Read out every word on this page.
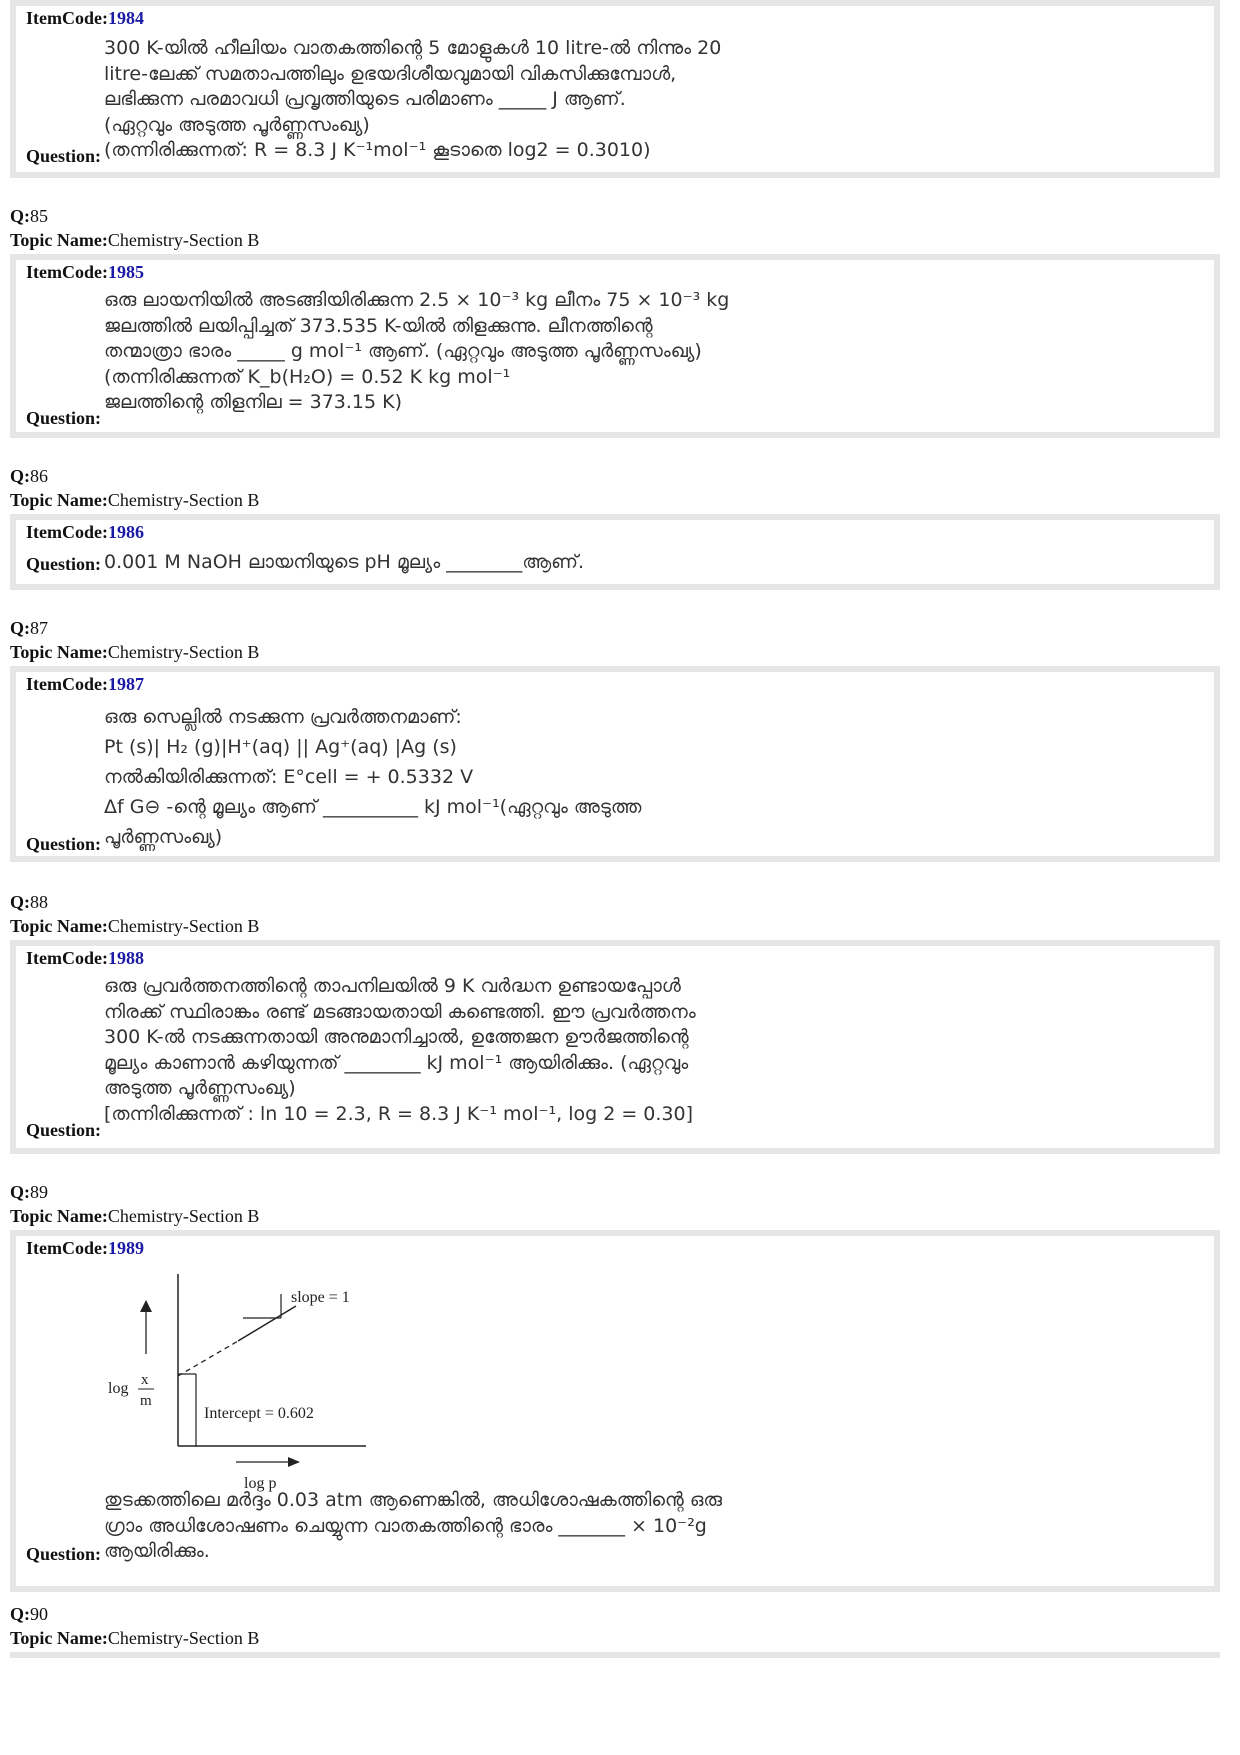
ItemCode:1984
300 K-യിൽ ഹീലിയം വാതകത്തിന്റെ 5 മോളുകൾ 10 litre-ൽ നിന്നും 20
litre-ലേക്ക് സമതാപത്തിലും ഉഭയദിശീയവുമായി വികസിക്കുമ്പോൾ,
ലഭിക്കുന്ന പരമാവധി പ്രവൃത്തിയുടെ പരിമാണം _____ J ആണ്.
(ഏറ്റവും അടുത്ത പൂർണ്ണസംഖ്യ)
(തന്നിരിക്കുന്നത്: R = 8.3 J K⁻¹mol⁻¹ കൂടാതെ log2 = 0.3010)
Question:
Q:85
Topic Name:Chemistry-Section B
ItemCode:1985
ഒരു ലായനിയിൽ അടങ്ങിയിരിക്കുന്ന 2.5 × 10⁻³ kg ലീനം 75 × 10⁻³ kg
ജലത്തിൽ ലയിപ്പിച്ചത് 373.535 K-യിൽ തിളക്കുന്നു. ലീനത്തിന്റെ
തന്മാത്രാ ഭാരം _____ g mol⁻¹ ആണ്. (ഏറ്റവും അടുത്ത പൂർണ്ണസംഖ്യ)
(തന്നിരിക്കുന്നത് K_b(H₂O) = 0.52 K kg mol⁻¹
ജലത്തിന്റെ തിളനില = 373.15 K)
Question:
Q:86
Topic Name:Chemistry-Section B
ItemCode:1986
0.001 M NaOH ലായനിയുടെ pH മൂല്യം ________ആണ്.
Question:
Q:87
Topic Name:Chemistry-Section B
ItemCode:1987
ഒരു സെല്ലിൽ നടക്കുന്ന പ്രവർത്തനമാണ്:
Pt (s)| H₂ (g)|H⁺(aq) || Ag⁺(aq) |Ag (s)
നൽകിയിരിക്കുന്നത്: E°cell = + 0.5332 V
Δf G⊖ -ന്റെ മൂല്യം ആണ് __________ kJ mol⁻¹(ഏറ്റവും അടുത്ത
പൂർണ്ണസംഖ്യ)
Question:
Q:88
Topic Name:Chemistry-Section B
ItemCode:1988
ഒരു പ്രവർത്തനത്തിന്റെ താപനിലയിൽ 9 K വർദ്ധന ഉണ്ടായപ്പോൾ
നിരക്ക് സ്ഥിരാങ്കം രണ്ട് മടങ്ങായതായി കണ്ടെത്തി. ഈ പ്രവർത്തനം
300 K-ൽ നടക്കുന്നതായി അനുമാനിച്ചാൽ, ഉത്തേജന ഊർജത്തിന്റെ
മൂല്യം കാണാൻ കഴിയുന്നത് ________ kJ mol⁻¹ ആയിരിക്കും. (ഏറ്റവും
അടുത്ത പൂർണ്ണസംഖ്യ)
[തന്നിരിക്കുന്നത് : ln 10 = 2.3, R = 8.3 J K⁻¹ mol⁻¹, log 2 = 0.30]
Question:
Q:89
Topic Name:Chemistry-Section B
ItemCode:1989
slope = 1
Intercept = 0.602
log x
m
log p
തുടക്കത്തിലെ മർദ്ദം 0.03 atm ആണെങ്കിൽ, അധിശോഷകത്തിന്റെ ഒരു
ഗ്രാം അധിശോഷണം ചെയ്യുന്ന വാതകത്തിന്റെ ഭാരം _______ × 10⁻²g
ആയിരിക്കും.
Question:
Q:90
Topic Name:Chemistry-Section B
